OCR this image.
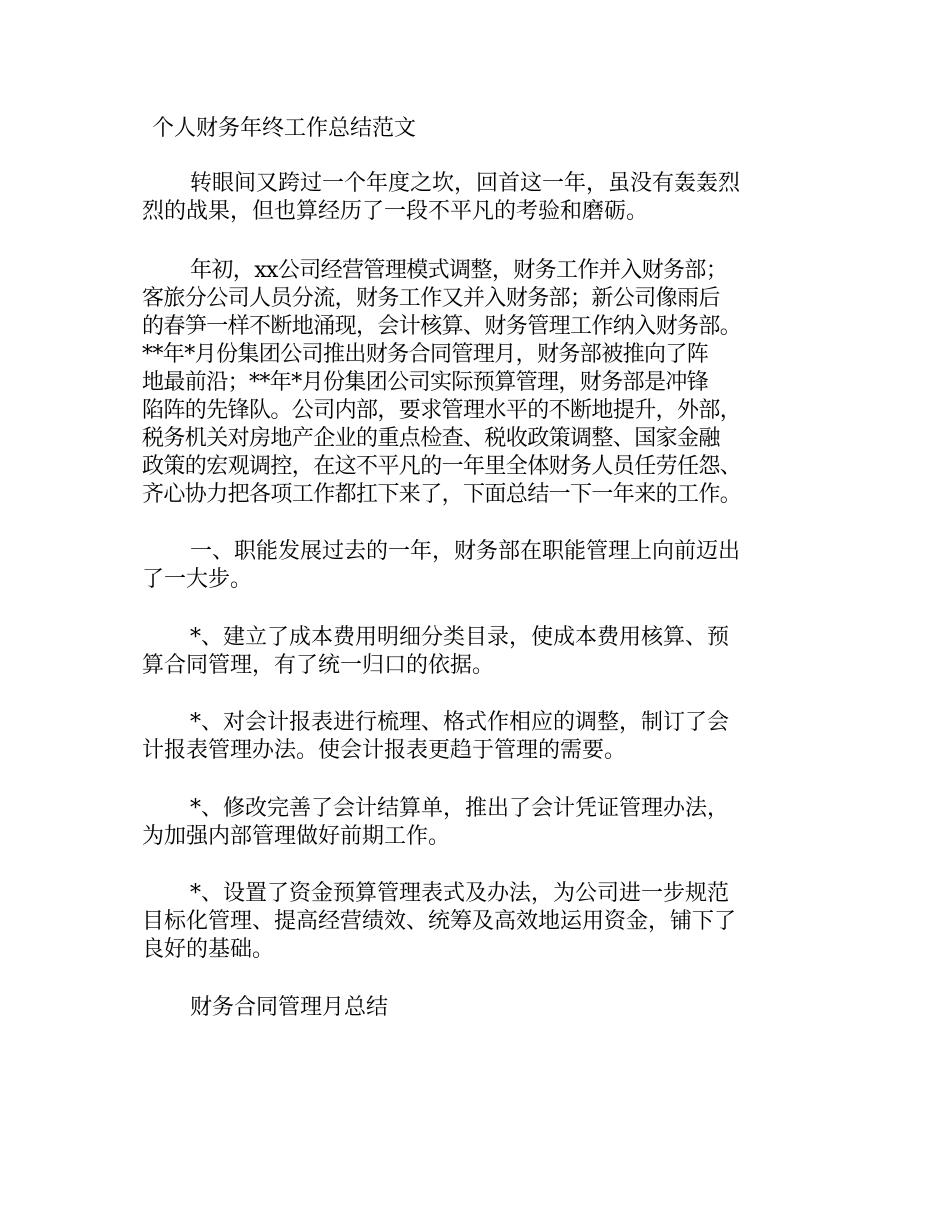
个人财务年终工作总结范文
转眼间又跨过一个年度之坎，回首这一年，虽没有轰轰烈
烈的战果，但也算经历了一段不平凡的考验和磨砺。
年初，xx公司经营管理模式调整，财务工作并入财务部；
客旅分公司人员分流，财务工作又并入财务部；新公司像雨后
的春笋一样不断地涌现，会计核算、财务管理工作纳入财务部。
**年*月份集团公司推出财务合同管理月，财务部被推向了阵
地最前沿；**年*月份集团公司实际预算管理，财务部是冲锋
陷阵的先锋队。公司内部，要求管理水平的不断地提升，外部，
税务机关对房地产企业的重点检查、税收政策调整、国家金融
政策的宏观调控，在这不平凡的一年里全体财务人员任劳任怨、
齐心协力把各项工作都扛下来了，下面总结一下一年来的工作。
一、职能发展过去的一年，财务部在职能管理上向前迈出
了一大步。
*、建立了成本费用明细分类目录，使成本费用核算、预
算合同管理，有了统一归口的依据。
*、对会计报表进行梳理、格式作相应的调整，制订了会
计报表管理办法。使会计报表更趋于管理的需要。
*、修改完善了会计结算单，推出了会计凭证管理办法，
为加强内部管理做好前期工作。
*、设置了资金预算管理表式及办法，为公司进一步规范
目标化管理、提高经营绩效、统筹及高效地运用资金，铺下了
良好的基础。
财务合同管理月总结
